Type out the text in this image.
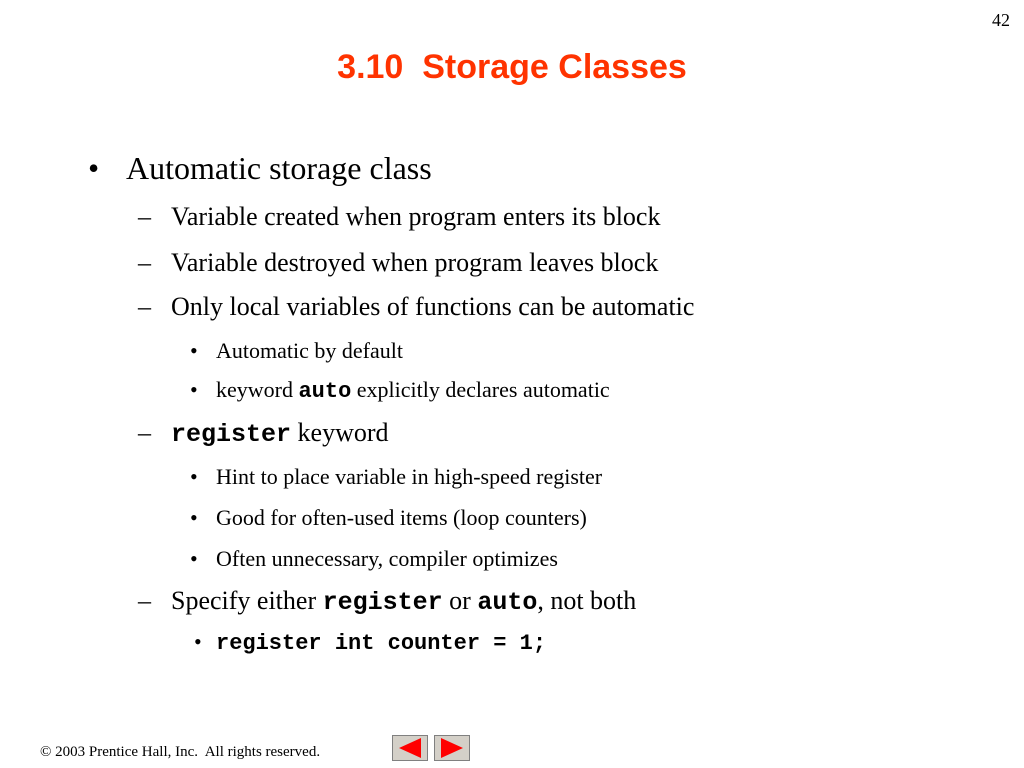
42
3.10  Storage Classes
• Automatic storage class
– Variable created when program enters its block
– Variable destroyed when program leaves block
– Only local variables of functions can be automatic
• Automatic by default
• keyword auto explicitly declares automatic
– register keyword
• Hint to place variable in high-speed register
• Good for often-used items (loop counters)
• Often unnecessary, compiler optimizes
– Specify either register or auto, not both
• register int counter = 1;
© 2003 Prentice Hall, Inc.  All rights reserved.
